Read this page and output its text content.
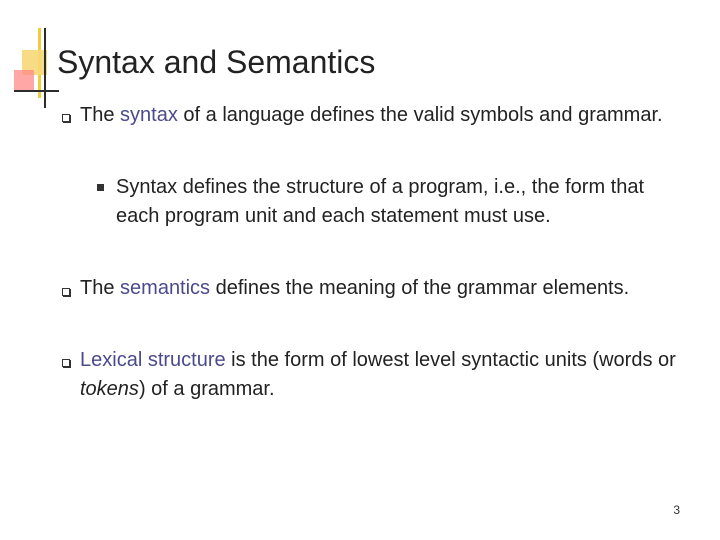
Syntax and Semantics
The syntax of a language defines the valid symbols and grammar.
Syntax defines the structure of a program, i.e., the form that each program unit and each statement must use.
The semantics defines the meaning of the grammar elements.
Lexical structure is the form of lowest level syntactic units (words or tokens) of a grammar.
3
